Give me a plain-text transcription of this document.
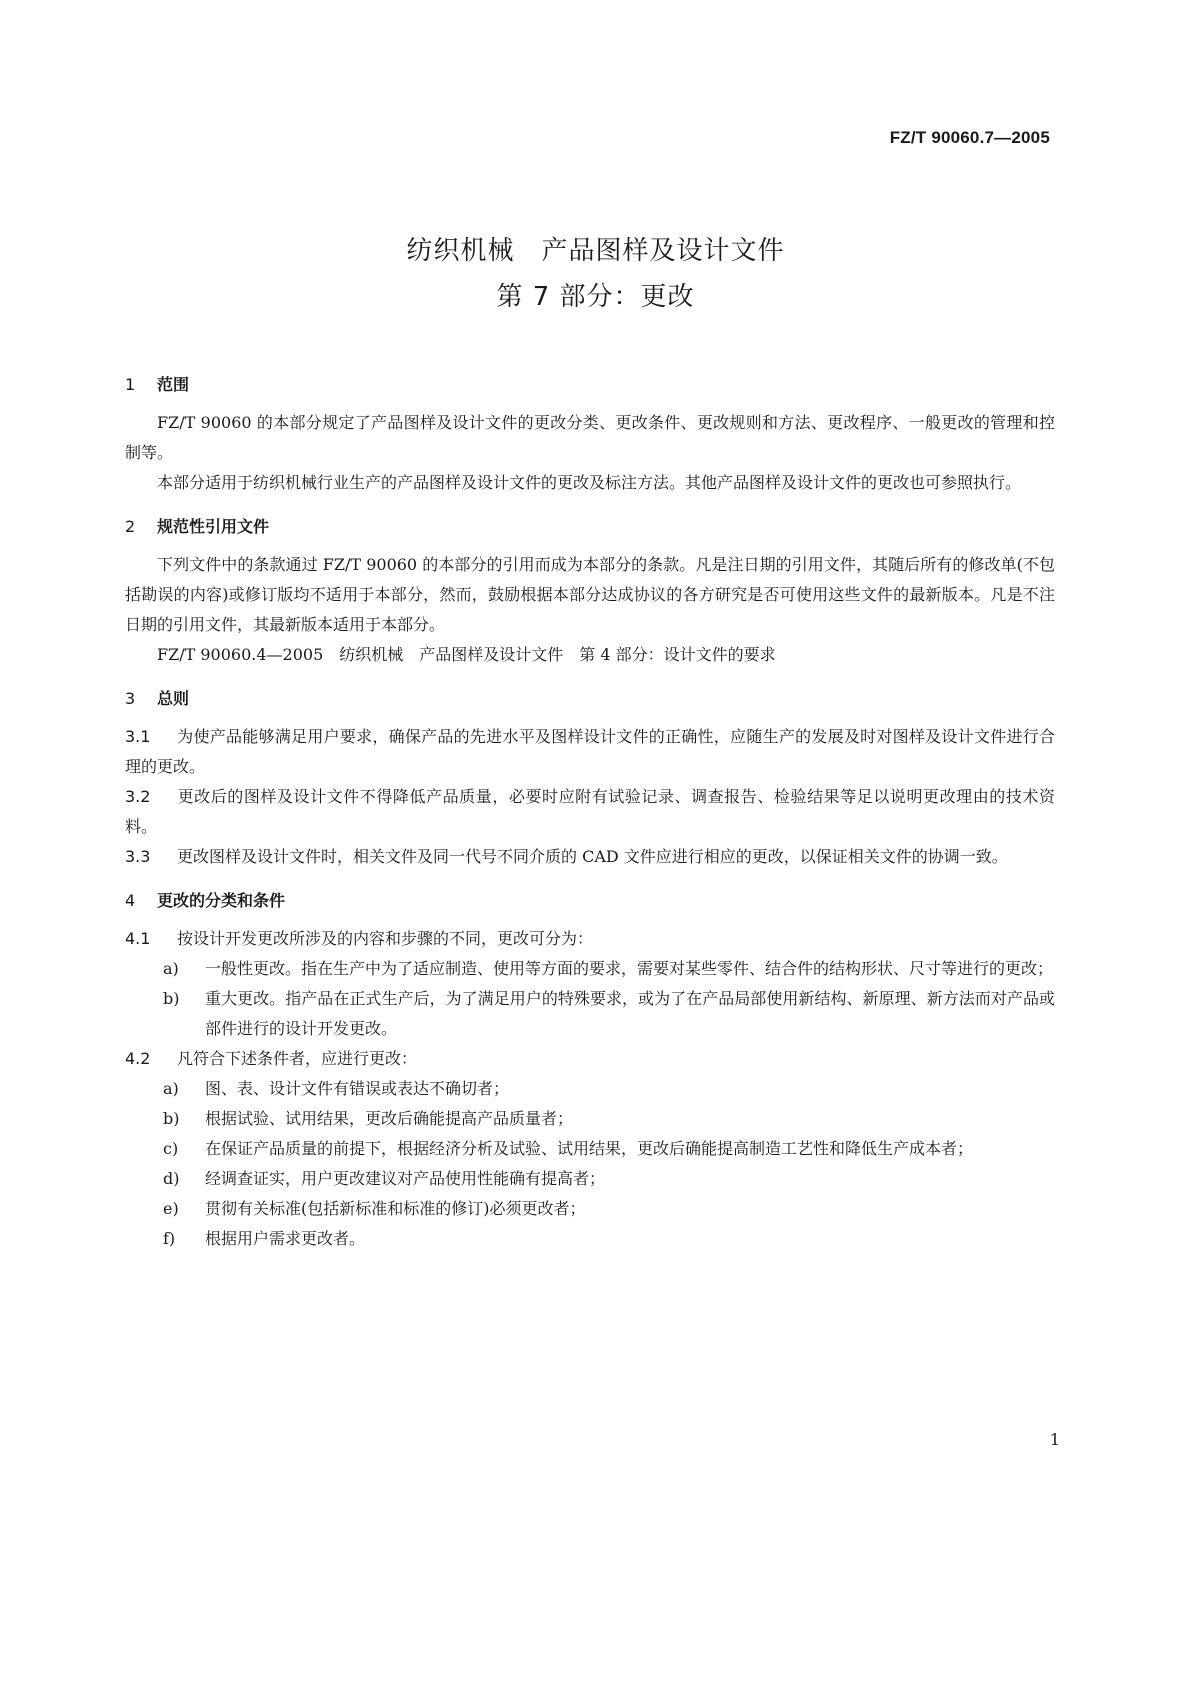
FZ/T 90060.7—2005
纺织机械　产品图样及设计文件
第 7 部分：更改
1 范围

FZ/T 90060 的本部分规定了产品图样及设计文件的更改分类、更改条件、更改规则和方法、更改程序、一般更改的管理和控制等。

本部分适用于纺织机械行业生产的产品图样及设计文件的更改及标注方法。其他产品图样及设计文件的更改也可参照执行。

2 规范性引用文件

下列文件中的条款通过 FZ/T 90060 的本部分的引用而成为本部分的条款。凡是注日期的引用文件，其随后所有的修改单(不包括勘误的内容)或修订版均不适用于本部分，然而，鼓励根据本部分达成协议的各方研究是否可使用这些文件的最新版本。凡是不注日期的引用文件，其最新版本适用于本部分。

FZ/T 90060.4—2005　纺织机械　产品图样及设计文件　第 4 部分：设计文件的要求

3 总则

3.1 为使产品能够满足用户要求，确保产品的先进水平及图样设计文件的正确性，应随生产的发展及时对图样及设计文件进行合理的更改。

3.2 更改后的图样及设计文件不得降低产品质量，必要时应附有试验记录、调查报告、检验结果等足以说明更改理由的技术资料。

3.3 更改图样及设计文件时，相关文件及同一代号不同介质的 CAD 文件应进行相应的更改，以保证相关文件的协调一致。

4 更改的分类和条件

4.1 按设计开发更改所涉及的内容和步骤的不同，更改可分为：

a) 一般性更改。指在生产中为了适应制造、使用等方面的要求，需要对某些零件、结合件的结构形状、尺寸等进行的更改；

b) 重大更改。指产品在正式生产后，为了满足用户的特殊要求，或为了在产品局部使用新结构、新原理、新方法而对产品或部件进行的设计开发更改。

4.2 凡符合下述条件者，应进行更改：

a) 图、表、设计文件有错误或表达不确切者；

b) 根据试验、试用结果，更改后确能提高产品质量者；

c) 在保证产品质量的前提下，根据经济分析及试验、试用结果，更改后确能提高制造工艺性和降低生产成本者；

d) 经调查证实，用户更改建议对产品使用性能确有提高者；

e) 贯彻有关标准(包括新标准和标准的修订)必须更改者；

f) 根据用户需求更改者。

1
